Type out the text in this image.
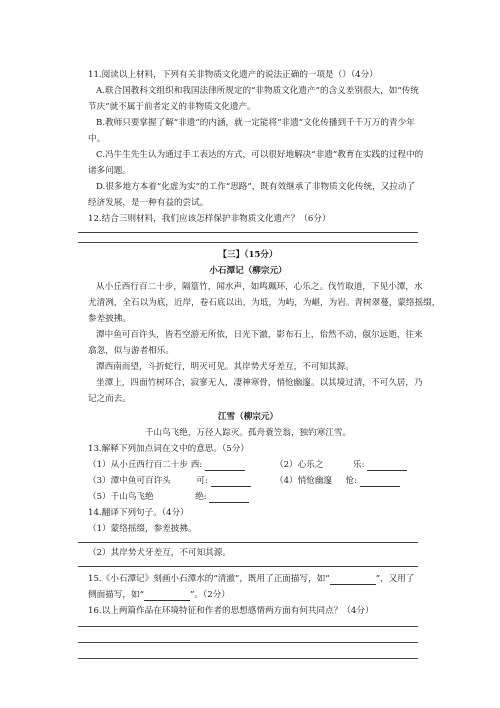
11.阅读以上材料，下列有关非物质文化遗产的说法正确的一项是（）（4分）
A.联合国教科文组织和我国法律所规定的“非物质文化遗产”的含义差别很大，如“传统
节庆”就不属于前者定义的非物质文化遗产。
B.教师只要掌握了解“非遗”的内涵，就一定能将“非遗”文化传播到千千万万的青少年
中。
C.冯牛生先生认为通过手工表达的方式，可以很好地解决“非遗”教育在实践的过程中的
诸多问题。
D.很多地方本着“化虚为实”的工作“思路”，既有效继承了非物质文化传统，又拉动了
经济发展，是一种有益的尝试。
12.结合三则材料，我们应该怎样保护非物质文化遗产？（6分）
【三】（15分）
小石潭记（柳宗元）
从小丘西行百二十步，隔篁竹，闻水声，如鸣珮环，心乐之。伐竹取道，下见小潭，水
尤清冽，全石以为底，近岸，卷石底以出，为坻，为屿，为嵁，为岩。青树翠蔓，蒙络摇缀，
参差披拂。
潭中鱼可百许头，皆若空游无所依，日光下澈，影布石上，佁然不动，俶尔远逝，往来
翕忽，似与游者相乐。
潭西南而望，斗折蛇行，明灭可见。其岸势犬牙差互，不可知其源。
坐潭上，四面竹树环合，寂寥无人，凄神寒骨，悄怆幽邃。以其境过清，不可久居，乃
记之而去。
江雪（柳宗元）
千山鸟飞绝，万径人踪灭。孤舟蓑笠翁，独钓寒江雪。
13.解释下列加点词在文中的意思。（5分）
（1）从小丘西行百二十步 西:	（2）心乐之	乐:
（3）潭中鱼可百许头	可:	（4）悄怆幽邃 怆:
（5）千山鸟飞绝	绝:
14.翻译下列句子。（4分）
（1）蒙络摇缀，参差披拂。
（2）其岸势犬牙差互，不可知其源。
15.《小石潭记》刻画小石潭水的“清澈”，既用了正面描写，如“	”，又用了
侧面描写，如“	”。（2分）
16.以上两篇作品在环境特征和作者的思想感情两方面有何共同点？（4分）
